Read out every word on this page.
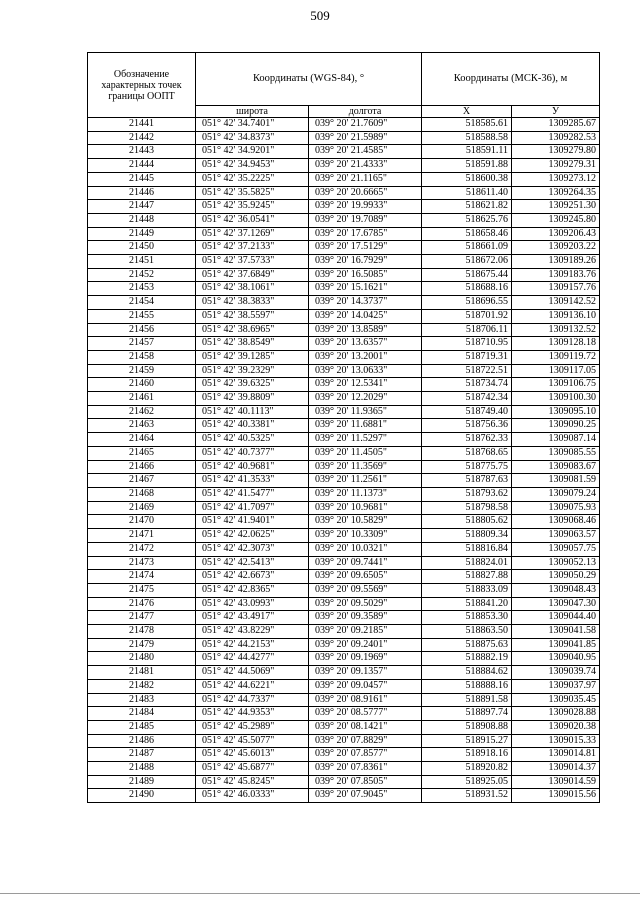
509
Обозначение характерных точек границы ООПТ	Координаты (WGS-84), °		Координаты (МСК-36), м	
	широта	долгота	X	У
21441	051° 42' 34.7401"	039° 20' 21.7609"	518585.61	1309285.67
21442	051° 42' 34.8373"	039° 20' 21.5989"	518588.58	1309282.53
21443	051° 42' 34.9201"	039° 20' 21.4585"	518591.11	1309279.80
21444	051° 42' 34.9453"	039° 20' 21.4333"	518591.88	1309279.31
21445	051° 42' 35.2225"	039° 20' 21.1165"	518600.38	1309273.12
21446	051° 42' 35.5825"	039° 20' 20.6665"	518611.40	1309264.35
21447	051° 42' 35.9245"	039° 20' 19.9933"	518621.82	1309251.30
21448	051° 42' 36.0541"	039° 20' 19.7089"	518625.76	1309245.80
21449	051° 42' 37.1269"	039° 20' 17.6785"	518658.46	1309206.43
21450	051° 42' 37.2133"	039° 20' 17.5129"	518661.09	1309203.22
21451	051° 42' 37.5733"	039° 20' 16.7929"	518672.06	1309189.26
21452	051° 42' 37.6849"	039° 20' 16.5085"	518675.44	1309183.76
21453	051° 42' 38.1061"	039° 20' 15.1621"	518688.16	1309157.76
21454	051° 42' 38.3833"	039° 20' 14.3737"	518696.55	1309142.52
21455	051° 42' 38.5597"	039° 20' 14.0425"	518701.92	1309136.10
21456	051° 42' 38.6965"	039° 20' 13.8589"	518706.11	1309132.52
21457	051° 42' 38.8549"	039° 20' 13.6357"	518710.95	1309128.18
21458	051° 42' 39.1285"	039° 20' 13.2001"	518719.31	1309119.72
21459	051° 42' 39.2329"	039° 20' 13.0633"	518722.51	1309117.05
21460	051° 42' 39.6325"	039° 20' 12.5341"	518734.74	1309106.75
21461	051° 42' 39.8809"	039° 20' 12.2029"	518742.34	1309100.30
21462	051° 42' 40.1113"	039° 20' 11.9365"	518749.40	1309095.10
21463	051° 42' 40.3381"	039° 20' 11.6881"	518756.36	1309090.25
21464	051° 42' 40.5325"	039° 20' 11.5297"	518762.33	1309087.14
21465	051° 42' 40.7377"	039° 20' 11.4505"	518768.65	1309085.55
21466	051° 42' 40.9681"	039° 20' 11.3569"	518775.75	1309083.67
21467	051° 42' 41.3533"	039° 20' 11.2561"	518787.63	1309081.59
21468	051° 42' 41.5477"	039° 20' 11.1373"	518793.62	1309079.24
21469	051° 42' 41.7097"	039° 20' 10.9681"	518798.58	1309075.93
21470	051° 42' 41.9401"	039° 20' 10.5829"	518805.62	1309068.46
21471	051° 42' 42.0625"	039° 20' 10.3309"	518809.34	1309063.57
21472	051° 42' 42.3073"	039° 20' 10.0321"	518816.84	1309057.75
21473	051° 42' 42.5413"	039° 20' 09.7441"	518824.01	1309052.13
21474	051° 42' 42.6673"	039° 20' 09.6505"	518827.88	1309050.29
21475	051° 42' 42.8365"	039° 20' 09.5569"	518833.09	1309048.43
21476	051° 42' 43.0993"	039° 20' 09.5029"	518841.20	1309047.30
21477	051° 42' 43.4917"	039° 20' 09.3589"	518853.30	1309044.40
21478	051° 42' 43.8229"	039° 20' 09.2185"	518863.50	1309041.58
21479	051° 42' 44.2153"	039° 20' 09.2401"	518875.63	1309041.85
21480	051° 42' 44.4277"	039° 20' 09.1969"	518882.19	1309040.95
21481	051° 42' 44.5069"	039° 20' 09.1357"	518884.62	1309039.74
21482	051° 42' 44.6221"	039° 20' 09.0457"	518888.16	1309037.97
21483	051° 42' 44.7337"	039° 20' 08.9161"	518891.58	1309035.45
21484	051° 42' 44.9353"	039° 20' 08.5777"	518897.74	1309028.88
21485	051° 42' 45.2989"	039° 20' 08.1421"	518908.88	1309020.38
21486	051° 42' 45.5077"	039° 20' 07.8829"	518915.27	1309015.33
21487	051° 42' 45.6013"	039° 20' 07.8577"	518918.16	1309014.81
21488	051° 42' 45.6877"	039° 20' 07.8361"	518920.82	1309014.37
21489	051° 42' 45.8245"	039° 20' 07.8505"	518925.05	1309014.59
21490	051° 42' 46.0333"	039° 20' 07.9045"	518931.52	1309015.56
